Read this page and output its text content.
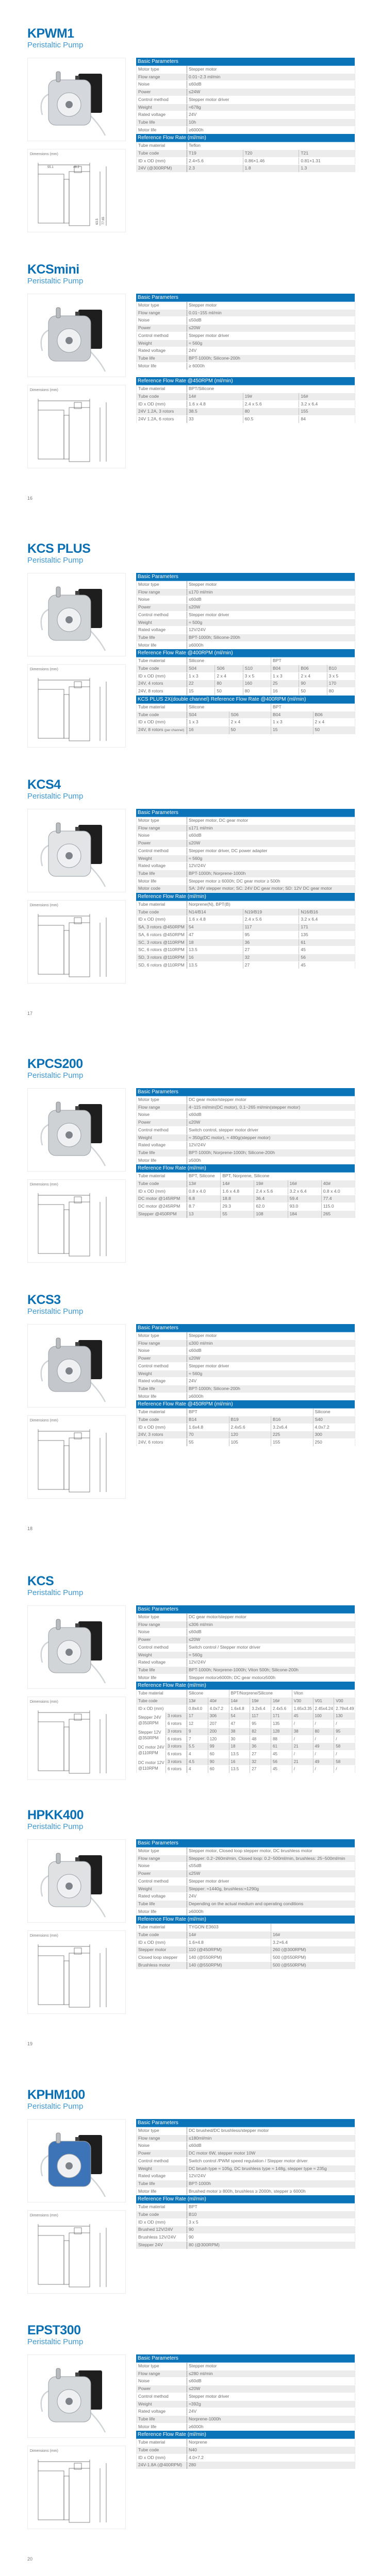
KPWM1
Peristaltic Pump
Dimensions (mm)
55.1	48.2
63.5 77.65
Basic Parameters
Motor type	Stepper motor
Flow range	0.01~2.3 ml/min
Noise	≤60dB
Power	≤24W
Control method	Stepper motor driver
Weight	≈678g
Rated voltage	24V
Tube life	10h
Motor life	≥6000h
Reference Flow Rate (ml/min)
Tube material	Teflon		
Tube code	T19	T20	T21
ID x OD (mm)	2.4×5.6	0.86×1.46	0.81×1.31
24V (@300RPM)	2.3	1.8	1.3
KCSmini
Peristaltic Pump
Dimensions (mm)
Basic Parameters
Motor type	Stepper motor
Flow range	0.01~155 ml/min
Noise	≤50dB
Power	≤20W
Control method	Stepper motor driver
Weight	≈ 560g
Rated voltage	24V
Tube life	BPT-1000h; Silicone-200h
Motor life	≥ 6000h
Reference Flow Rate @450RPM (ml/min)
Tube material	BPT/Silicone		
Tube code	14#	19#	16#
ID x OD (mm)	1.6 x 4.8	2.4 x 5.6	3.2 x 6.4
24V 1.2A, 3 rotors	38.5	80	155
24V 1.2A, 6 rotors	33	60.5	84
KCS PLUS
Peristaltic Pump
Dimensions (mm)
Basic Parameters
Motor type	Stepper motor
Flow range	≤170 ml/min
Noise	≤60dB
Power	≤20W
Control method	Stepper motor driver
Weight	≈ 500g
Rated voltage	12V/24V
Tube life	BPT-1000h; Silicone-200h
Motor life	≥6000h
Reference Flow Rate @400RPM (ml/min)
Tube material	Silicone			BPT		
Tube code	S04	S06	S10	B04	B06	B10
ID x OD (mm)	1 x 3	2 x 4	3 x 5	1 x 3	2 x 4	3 x 5
24V, 4 rotors	22	80	160	25	90	170
24V, 8 rotors	15	50	80	16	50	80
KCS PLUS 2X(double channel) Reference Flow Rate @400RPM (ml/min)
Tube material	Silicone		BPT	
Tube code	S04	S06	B04	B06
ID x OD (mm)	1 x 3	2 x 4	1 x 3	2 x 4
24V, 8 rotors (per channel)	16	50	15	50
KCS4
Peristaltic Pump
Dimensions (mm)
Basic Parameters
Motor type	Stepper motor, DC gear motor
Flow range	≤171 ml/min
Noise	≤60dB
Power	≤20W
Control method	Stepper motor driver, DC power adapter
Weight	≈ 560g
Rated voltage	12V/24V
Tube life	BPT-1000h; Norprene-1000h
Motor life	Stepper motor ≥ 6000h; DC gear motor ≥ 500h
Motor code	SA: 24V stepper motor; SC: 24V DC gear motor; SD: 12V DC gear motor
Reference Flow Rate (ml/min)
Tube material	Norprene(N), BPT(B)		
Tube code	N14/B14	N19/B19	N16/B16
ID x OD (mm)	1.6 x 4.8	2.4 x 5.6	3.2 x 6.4
SA, 3 rotors @450RPM	54	117	171
SA, 6 rotors @450RPM	47	95	135
SC, 3 rotors @110RPM	18	36	61
SC, 6 rotors @110RPM	13.5	27	45
SD, 3 rotors @110RPM	16	32	56
SD, 6 rotors @110RPM	13.5	27	45
KPCS200
Peristaltic Pump
Dimensions (mm)
Basic Parameters
Motor type	DC gear motor/stepper motor
Flow range	4~115 ml/min(DC motor), 0.1~265 ml/min(stepper motor)
Noise	≤60dB
Power	≤20W
Control method	Switch control, stepper motor driver
Weight	≈ 350g(DC motor), ≈ 490g(stepper motor)
Rated voltage	12V/24V
Tube life	BPT-1000h; Norprene-1000h; Silicone-200h
Motor life	≥500h
Reference Flow Rate (ml/min)
Tube material	BPT, Silicone	BPT, Norprene, Silicone			
Tube code	13#	14#	19#	16#	40#
ID x OD (mm)	0.8 x 4.0	1.6 x 4.8	2.4 x 5.6	3.2 x 6.4	0.8 x 4.0
DC motor @145RPM	6.8	18.8	36.4	59.4	77.4
DC motor @245RPM	8.7	29.3	62.0	93.0	115.0
Stepper @450RPM	13	55	108	184	265
KCS3
Peristaltic Pump
Dimensions (mm)
Basic Parameters
Motor type	Stepper motor
Flow range	≤300 ml/min
Noise	≤60dB
Power	≤20W
Control method	Stepper motor driver
Weight	≈ 560g
Rated voltage	24V
Tube life	BPT-1000h; Silicone-200h
Motor life	≥6000h
Reference Flow Rate @450RPM (ml/min)
Tube material	BPT			Silicone
Tube code	B14	B19	B16	S40
ID x OD (mm)	1.6x4.8	2.4x5.6	3.2x6.4	4.0x7.2
24V, 3 rotors	70	120	225	300
24V, 6 rotors	55	105	155	250
KCS
Peristaltic Pump
Dimensions (mm)
Basic Parameters
Motor type	DC gear motor/stepper motor
Flow range	≤306 ml/min
Noise	≤60dB
Power	≤20W
Control method	Switch control / Stepper motor driver
Weight	≈ 560g
Rated voltage	12V/24V
Tube life	BPT-1000h; Norprene-1000h; Viton 500h; Silicone-200h
Motor life	Stepper motor≥6000h; DC gear motor≥500h
Reference Flow Rate (ml/min)
Tube material		Silicone		BPT/Norprene/Silicone			Viton		
Tube code		13#	40#	14#	19#	16#	V30	V01	V00
ID x OD (mm)		0.8x4.0	4.0x7.2	1.6x4.8	3.2x6.4	2.4x5.6	1.65x3.35	2.45x4.24	2.79x4.49
Stepper 24V @350RPM	3 rotors	17	306	54	117	171	45	100	130
	6 rotors	12	207	47	95	135	/	/	/
Stepper 12V @350RPM	3 rotors	9	200	38	82	128	38	80	95
	6 rotors	7	120	30	48	88	/	/	/
DC motor 24V @110RPM	3 rotors	5.5	99	18	36	61	21	49	58
	6 rotors	4	60	13.5	27	45	/	/	/
DC motor 12V @110RPM	3 rotors	4.5	90	16	32	56	21	49	58
	6 rotors	4	60	13.5	27	45	/	/	/
HPKK400
Peristaltic Pump
Dimensions (mm)
Basic Parameters
Motor type	Stepper motor, Closed loop stepper motor, DC brushless motor
Flow range	Stepper: 0.2~260ml/min, Closed loop: 0.2~500ml/min, brushless: 25~500ml/min
Noise	≤55dB
Power	≤25W
Control method	Stepper motor driver
Weight	Stepper: ≈1440g, brushless:≈1290g
Rated voltage	24V
Tube life	Depending on the actual medium and operating conditions
Motor life	≥6000h
Reference Flow Rate (ml/min)
Tube material	TYGON E3603	
Tube code	14#	16#
ID x OD (mm)	1.6×4.8	3.2×6.4
Stepper motor	110 (@450RPM)	260 (@300RPM)
Closed loop stepper	140 (@550RPM)	500 (@550RPM)
Brushless motor	140 (@550RPM)	500 (@550RPM)
KPHM100
Peristaltic Pump
Dimensions (mm)
Basic Parameters
Motor type	DC brushed/DC brushless/stepper motor
Flow range	≤180ml/min
Noise	≤60dB
Power	DC motor 6W, stepper motor 10W
Control method	Switch control /PWM speed regulation / Stepper motor driver
Weight	DC brush type ≈ 105g, DC brushless type ≈ 148g, stepper type ≈ 235g
Rated voltage	12V/24V
Tube life	BPT-1000h
Motor life	Brushed motor ≥ 800h, brushless ≥ 2000h, stepper ≥ 6000h
Reference Flow Rate (ml/min)
Tube material	BPT
Tube code	B10
ID x OD (mm)	3 x 5
Brushed 12V/24V	90
Brushless 12V/24V	90
Stepper 24V	80 (@300RPM)
EPST300
Peristaltic Pump
Dimensions (mm)
Basic Parameters
Motor type	Stepper motor
Flow range	≤280 ml/min
Noise	≤60dB
Power	≤20W
Control method	Stepper motor driver
Weight	≈392g
Rated voltage	24V
Tube life	Norprene-1000h
Motor life	≥6000h
Reference Flow Rate (ml/min)
Tube material	Norprene
Tube code	N40
ID x OD (mm)	4.0×7.2
24V-1.8A (@400RPM)	280
16
17
18
19
20
